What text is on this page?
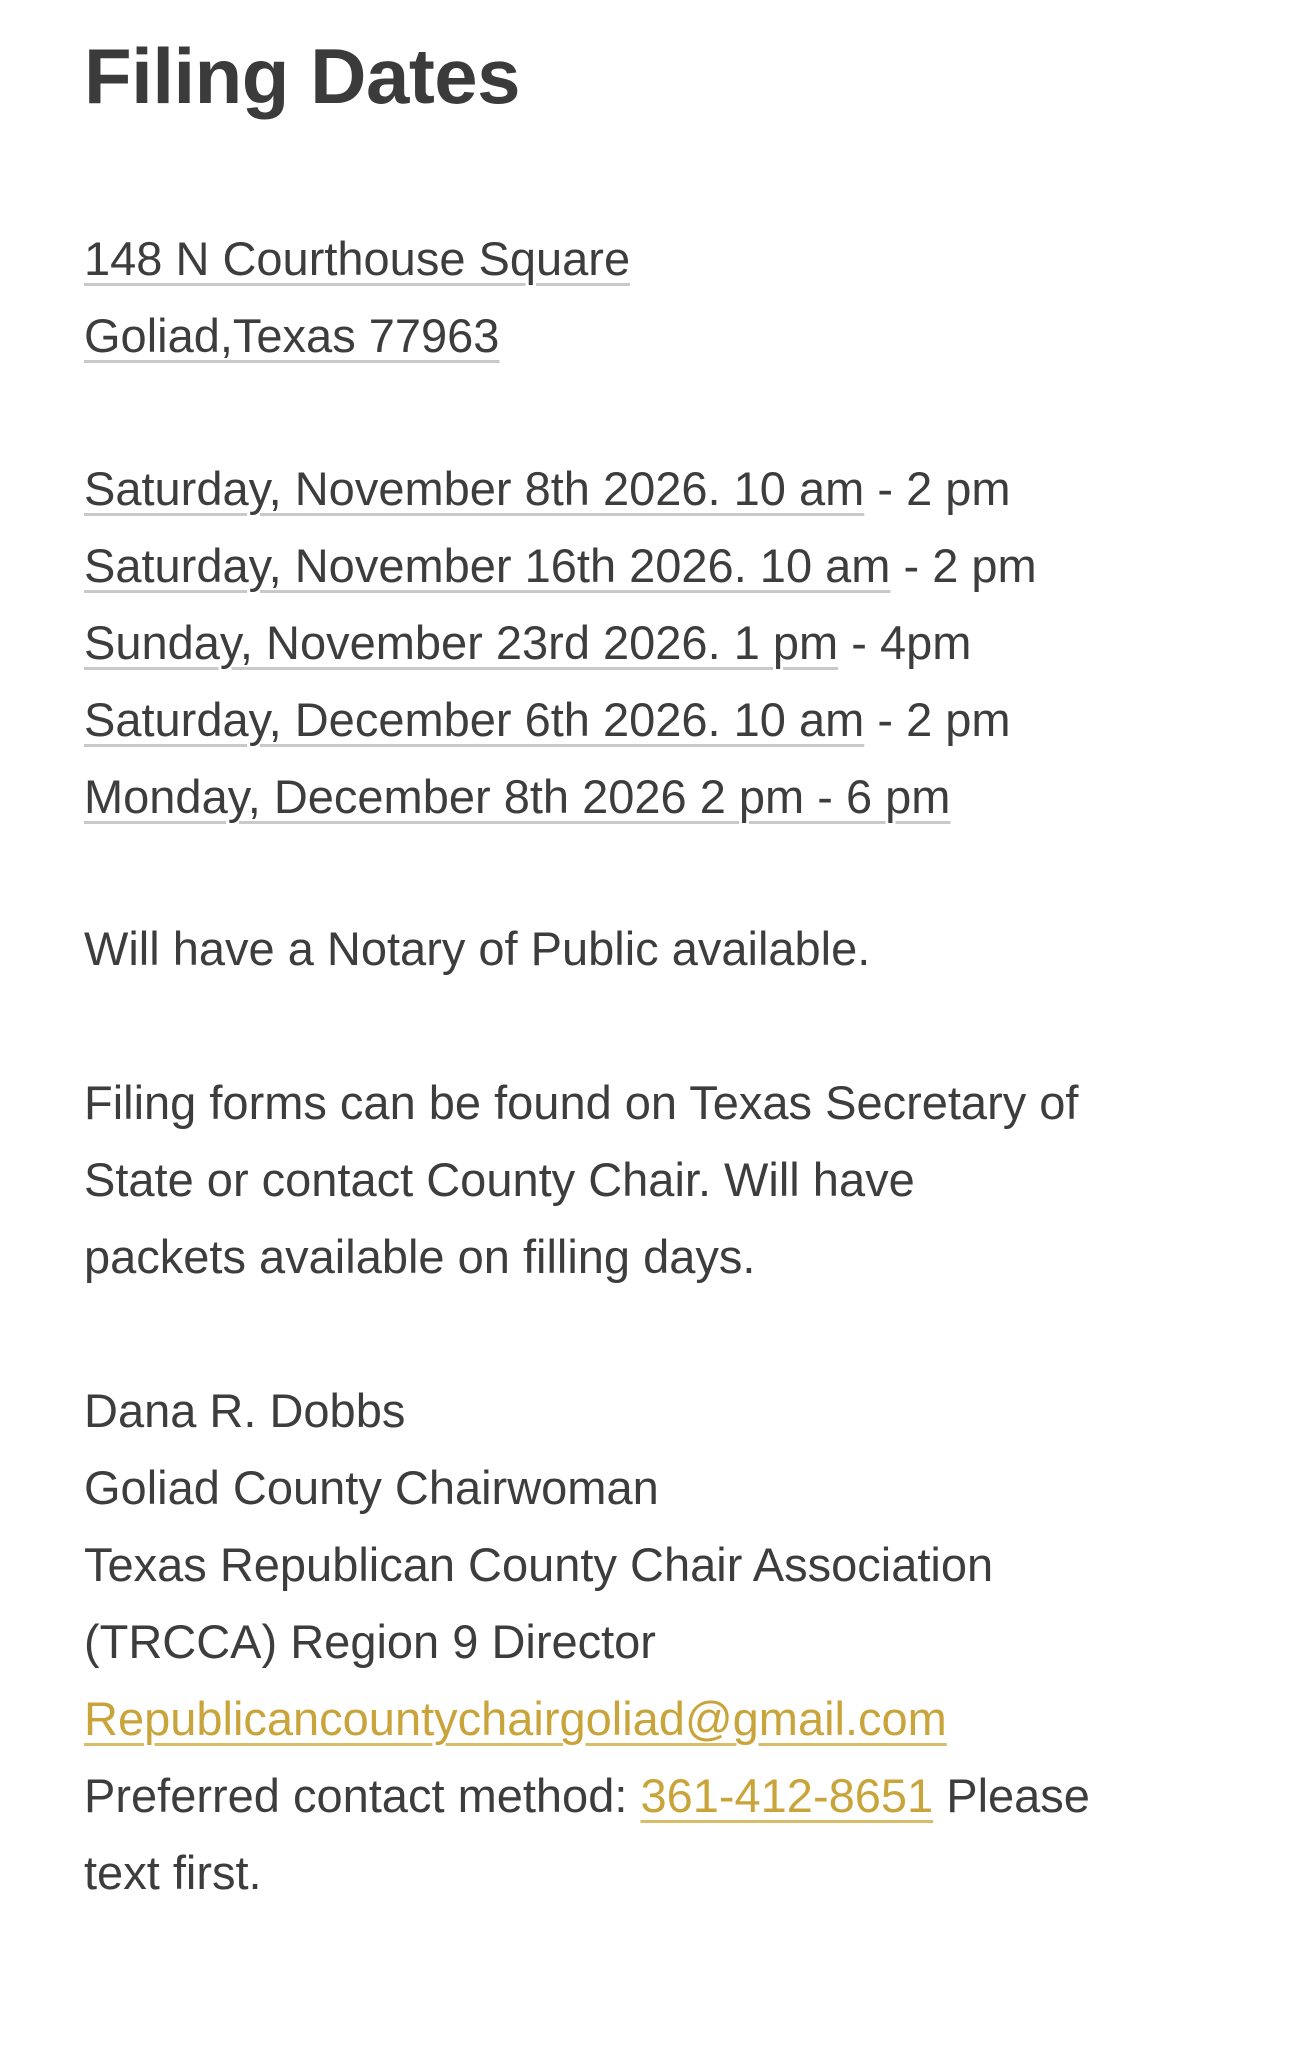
Filing Dates
148 N Courthouse Square
Goliad,Texas 77963
Saturday, November 8th 2026. 10 am - 2 pm
Saturday, November 16th 2026. 10 am - 2 pm
Sunday, November 23rd 2026. 1 pm - 4pm
Saturday, December 6th 2026. 10 am - 2 pm
Monday, December 8th 2026 2 pm - 6 pm
Will have a Notary of Public available.
Filing forms can be found on Texas Secretary of
State or contact County Chair. Will have
packets available on filling days.
Dana R. Dobbs
Goliad County Chairwoman
Texas Republican County Chair Association
(TRCCA) Region 9 Director
Republicancountychairgoliad@gmail.com
Preferred contact method: 361-412-8651 Please
text first.
